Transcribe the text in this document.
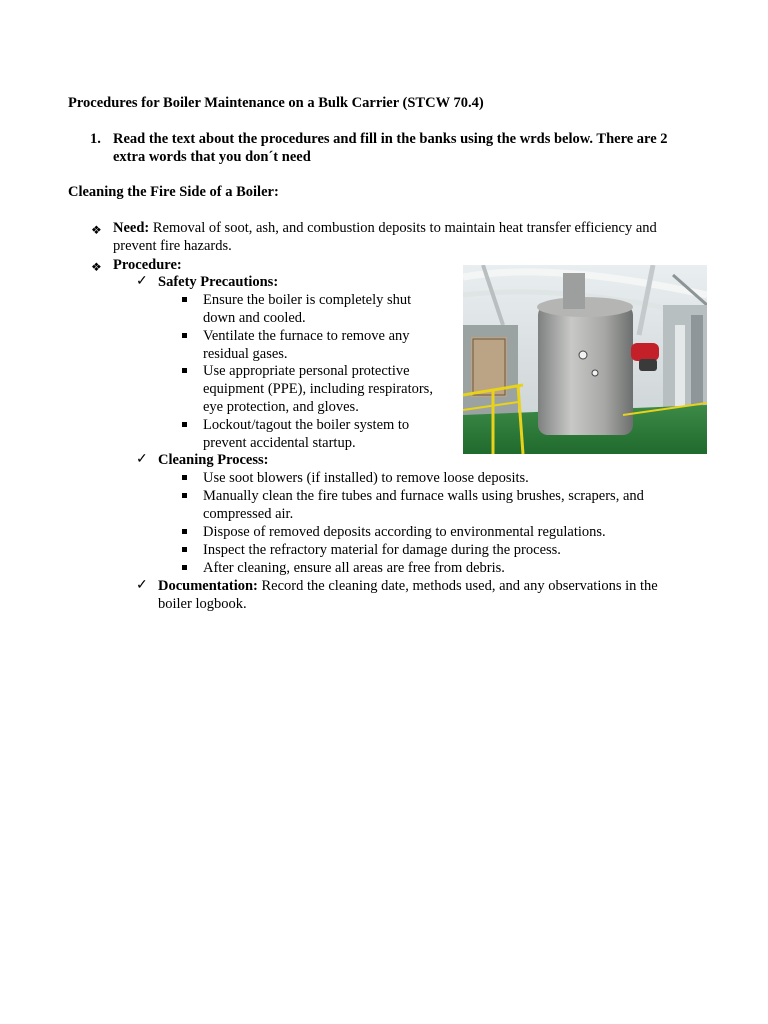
Procedures for Boiler Maintenance on a Bulk Carrier (STCW 70.4)
1. Read the text about the procedures and fill in the banks using the wrds below. There are 2
extra words that you don´t need
Cleaning the Fire Side of a Boiler:
❖ Need: Removal of soot, ash, and combustion deposits to maintain heat transfer efficiency and
prevent fire hazards.
❖ Procedure:
✓ Safety Precautions:
Ensure the boiler is completely shut
down and cooled.
Ventilate the furnace to remove any
residual gases.
Use appropriate personal protective
equipment (PPE), including respirators,
eye protection, and gloves.
Lockout/tagout the boiler system to
prevent accidental startup.
✓ Cleaning Process:
Use soot blowers (if installed) to remove loose deposits.
Manually clean the fire tubes and furnace walls using brushes, scrapers, and
compressed air.
Dispose of removed deposits according to environmental regulations.
Inspect the refractory material for damage during the process.
After cleaning, ensure all areas are free from debris.
✓ Documentation: Record the cleaning date, methods used, and any observations in the
boiler logbook.
